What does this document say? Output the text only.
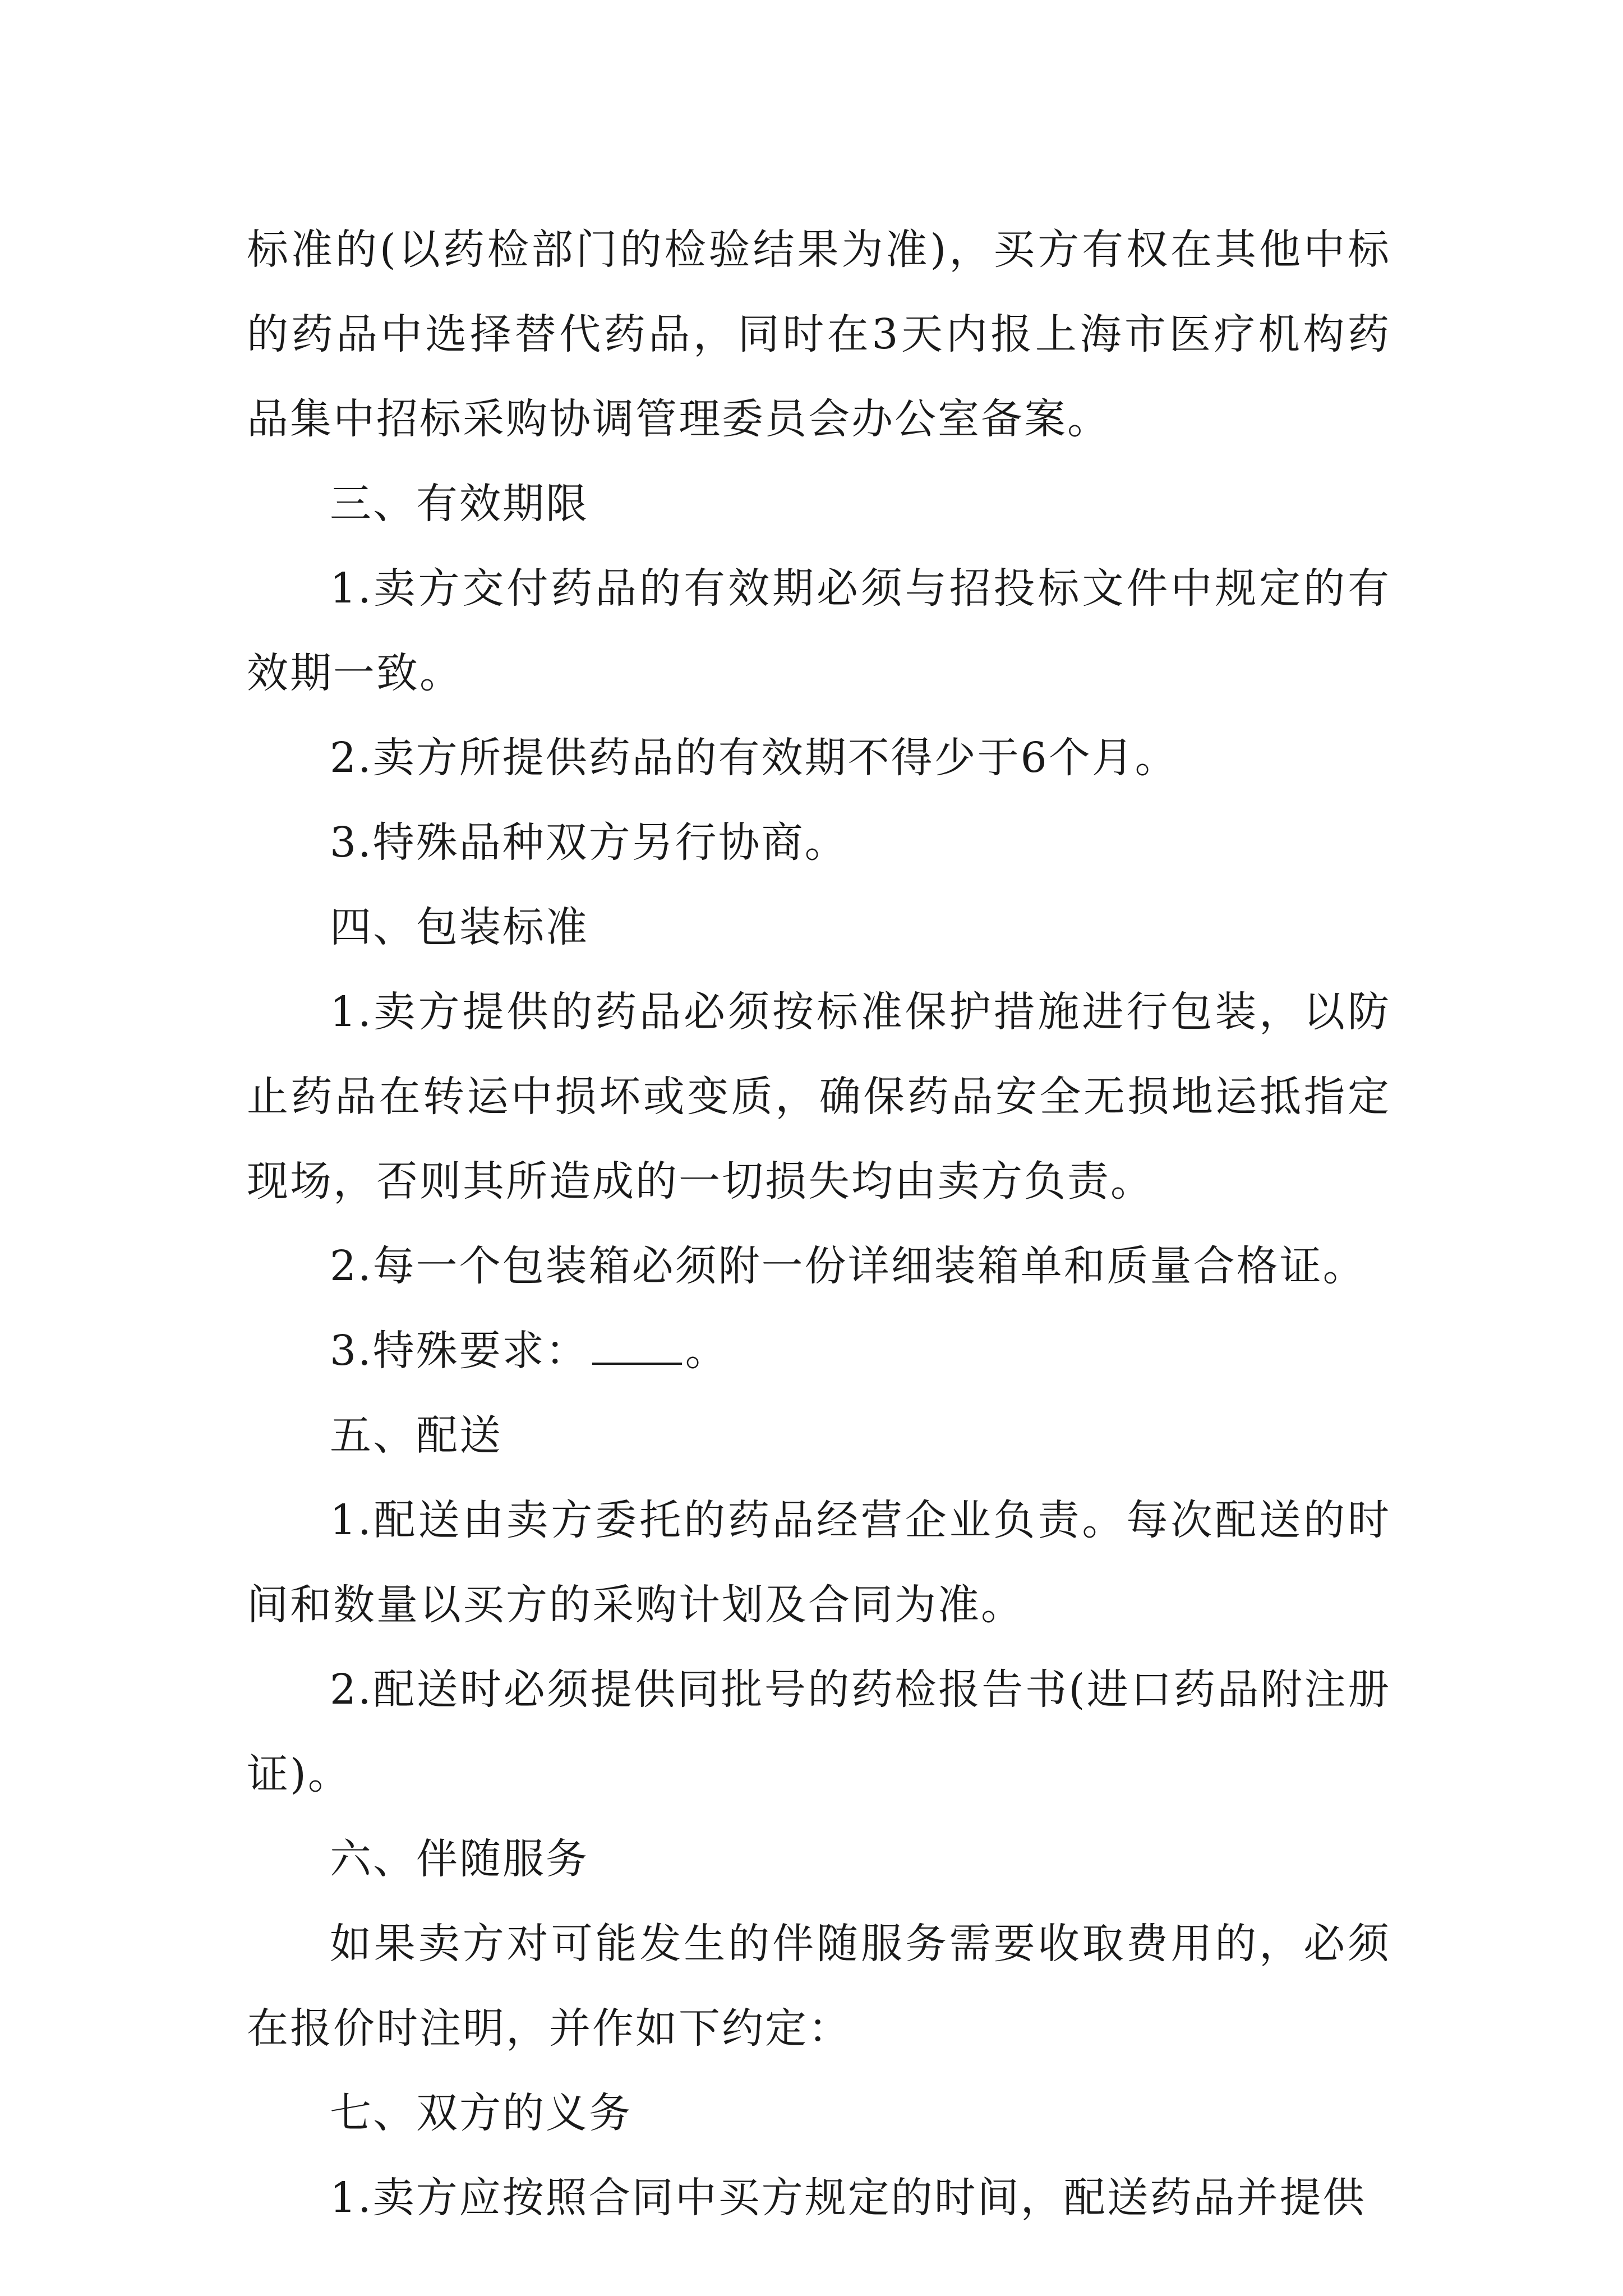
标准的(以药检部门的检验结果为准)，买方有权在其他中标的药品中选择替代药品，同时在3天内报上海市医疗机构药品集中招标采购协调管理委员会办公室备案。

三、有效期限

1.卖方交付药品的有效期必须与招投标文件中规定的有效期一致。

2.卖方所提供药品的有效期不得少于6个月。

3.特殊品种双方另行协商。

四、包装标准

1.卖方提供的药品必须按标准保护措施进行包装，以防止药品在转运中损坏或变质，确保药品安全无损地运抵指定现场，否则其所造成的一切损失均由卖方负责。

2.每一个包装箱必须附一份详细装箱单和质量合格证。

3.特殊要求： 。

五、配送

1.配送由卖方委托的药品经营企业负责。每次配送的时间和数量以买方的采购计划及合同为准。

2.配送时必须提供同批号的药检报告书(进口药品附注册证)。

六、伴随服务

如果卖方对可能发生的伴随服务需要收取费用的，必须在报价时注明，并作如下约定：

七、双方的义务

1.卖方应按照合同中买方规定的时间，配送药品并提供
